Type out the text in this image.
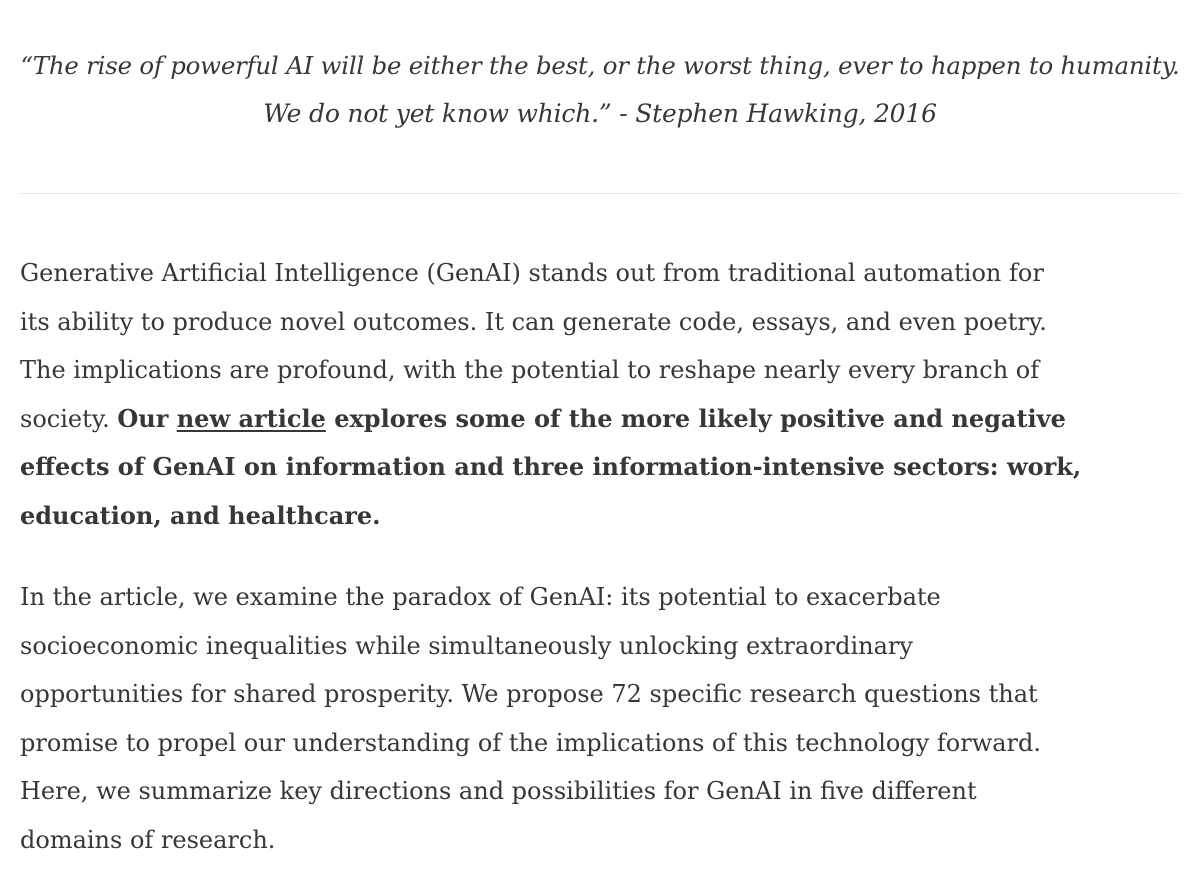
“The rise of powerful AI will be either the best, or the worst thing, ever to happen to humanity.
We do not yet know which.” - Stephen Hawking, 2016

Generative Artificial Intelligence (GenAI) stands out from traditional automation for
its ability to produce novel outcomes. It can generate code, essays, and even poetry.
The implications are profound, with the potential to reshape nearly every branch of
society. Our new article explores some of the more likely positive and negative
effects of GenAI on information and three information-intensive sectors: work,
education, and healthcare.

In the article, we examine the paradox of GenAI: its potential to exacerbate
socioeconomic inequalities while simultaneously unlocking extraordinary
opportunities for shared prosperity. We propose 72 specific research questions that
promise to propel our understanding of the implications of this technology forward.
Here, we summarize key directions and possibilities for GenAI in five different
domains of research.
